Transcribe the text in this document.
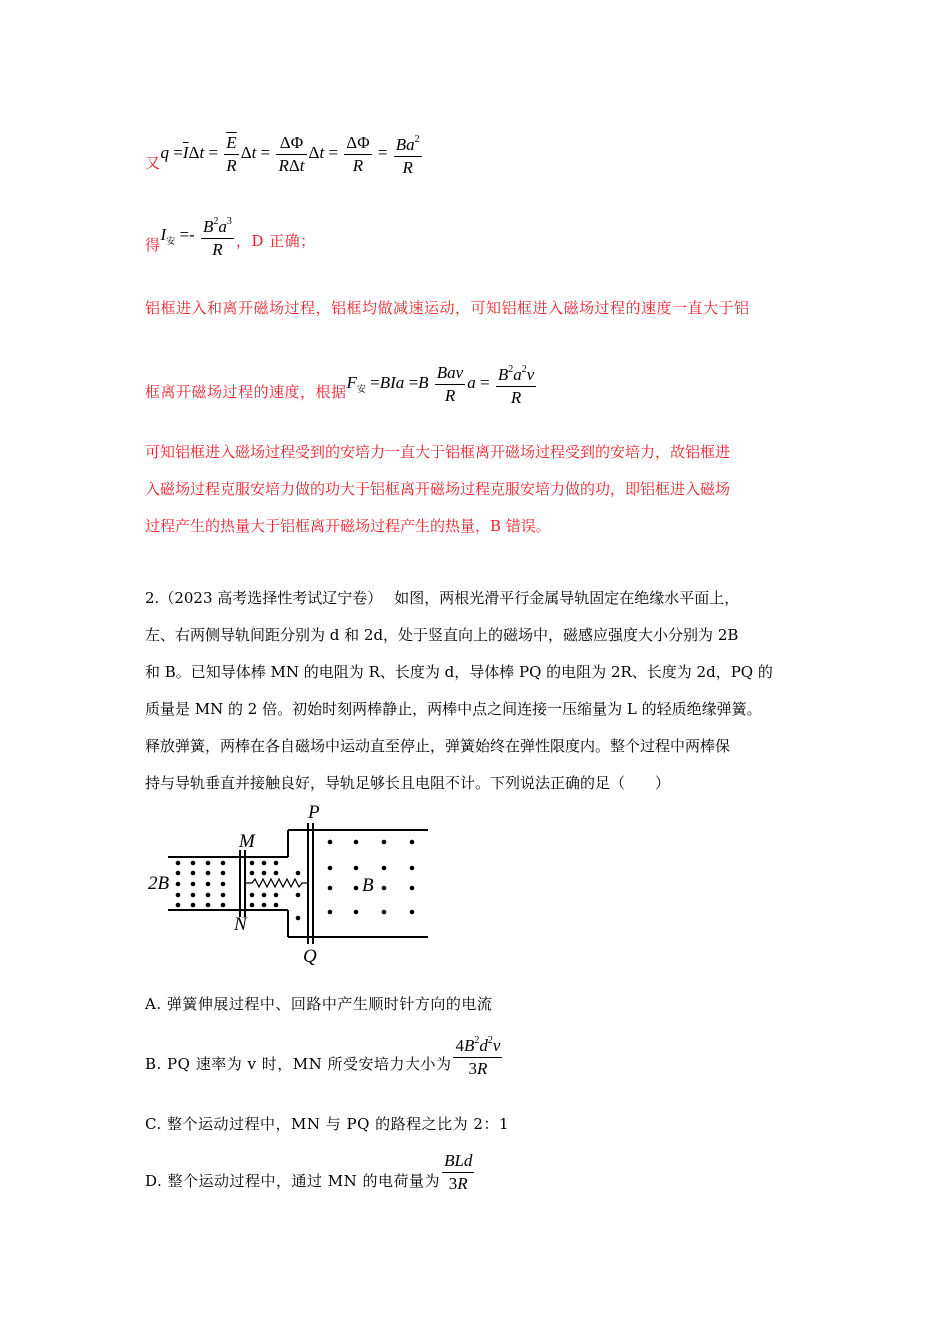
又
$q =\overline{I}\Delta t = \frac{\overline{E}}{R}$ $\Delta t = \frac{\Delta\Phi}{\text{RΔt}}$ $\Delta t = \frac{\Delta\Phi}{R} = \frac{Ba^2}{R}$
得
$I_安 =- \frac{B^2a^3}{R}$ ，D 正确；
铝框进入和离开磁场过程，铝框均做减速运动，可知铝框进入磁场过程的速度一直大于铝
框离开磁场过程的速度，根据 $F_安 =BIa =B \frac{\text{Bav}}{R}$ $a = \frac{B^2a^2v}{R}$
可知铝框进入磁场过程受到的安培力一直大于铝框离开磁场过程受到的安培力，故铝框进
入磁场过程克服安培力做的功大于铝框离开磁场过程克服安培力做的功，即铝框进入磁场
过程产生的热量大于铝框离开磁场过程产生的热量，B 错误。
2.（2023 高考选择性考试辽宁卷） 如图，两根光滑平行金属导轨固定在绝缘水平面上，
左、右两侧导轨间距分别为 d 和 2d，处于竖直向上的磁场中，磁感应强度大小分别为 2B
和 B。已知导体棒 MN 的电阻为 R、长度为 d，导体棒 PQ 的电阻为 2R、长度为 2d，PQ 的
质量是 MN 的 2 倍。初始时刻两棒静止，两棒中点之间连接一压缩量为 L 的轻质绝缘弹簧。
释放弹簧，两棒在各自磁场中运动直至停止，弹簧始终在弹性限度内。整个过程中两棒保
持与导轨垂直并接触良好，导轨足够长且电阻不计。下列说法正确的足（　　）
M
N
P
Q
2B	B
A. 弹簧伸展过程中、回路中产生顺时针方向的电流
B. PQ 速率为 v 时，MN 所受安培力大小为 $\frac{4B^2d^2v}{3R}$
C. 整个运动过程中，MN 与 PQ 的路程之比为 2：1
D. 整个运动过程中，通过 MN 的电荷量为 $\frac{\text{BLd}}{3R}$
